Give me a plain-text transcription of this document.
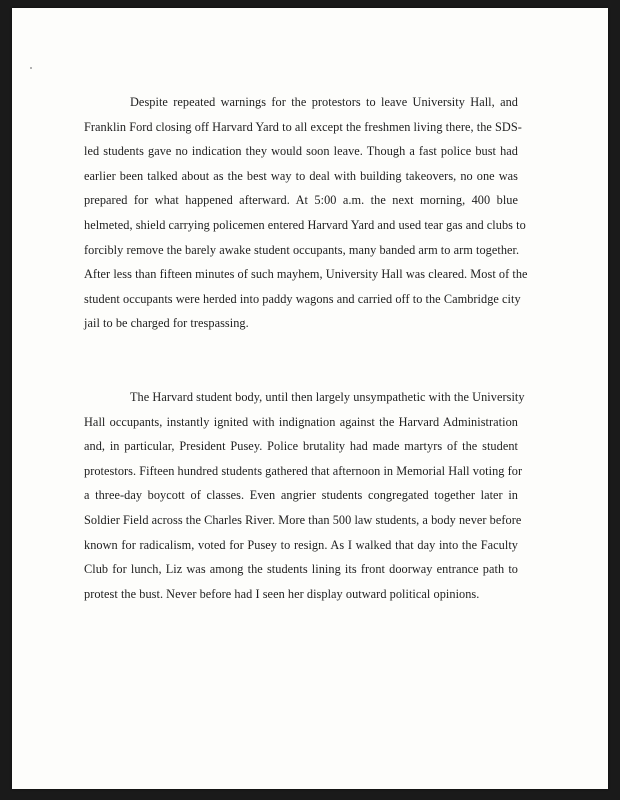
Despite repeated warnings for the protestors to leave University Hall, and
Franklin Ford closing off Harvard Yard to all except the freshmen living there, the SDS-
led students gave no indication they would soon leave. Though a fast police bust had
earlier been talked about as the best way to deal with building takeovers, no one was
prepared for what happened afterward. At 5:00 a.m. the next morning, 400 blue
helmeted, shield carrying policemen entered Harvard Yard and used tear gas and clubs to
forcibly remove the barely awake student occupants, many banded arm to arm together.
After less than fifteen minutes of such mayhem, University Hall was cleared. Most of the
student occupants were herded into paddy wagons and carried off to the Cambridge city
jail to be charged for trespassing.
The Harvard student body, until then largely unsympathetic with the University
Hall occupants, instantly ignited with indignation against the Harvard Administration
and, in particular, President Pusey. Police brutality had made martyrs of the student
protestors. Fifteen hundred students gathered that afternoon in Memorial Hall voting for
a three-day boycott of classes. Even angrier students congregated together later in
Soldier Field across the Charles River. More than 500 law students, a body never before
known for radicalism, voted for Pusey to resign. As I walked that day into the Faculty
Club for lunch, Liz was among the students lining its front doorway entrance path to
protest the bust. Never before had I seen her display outward political opinions.
